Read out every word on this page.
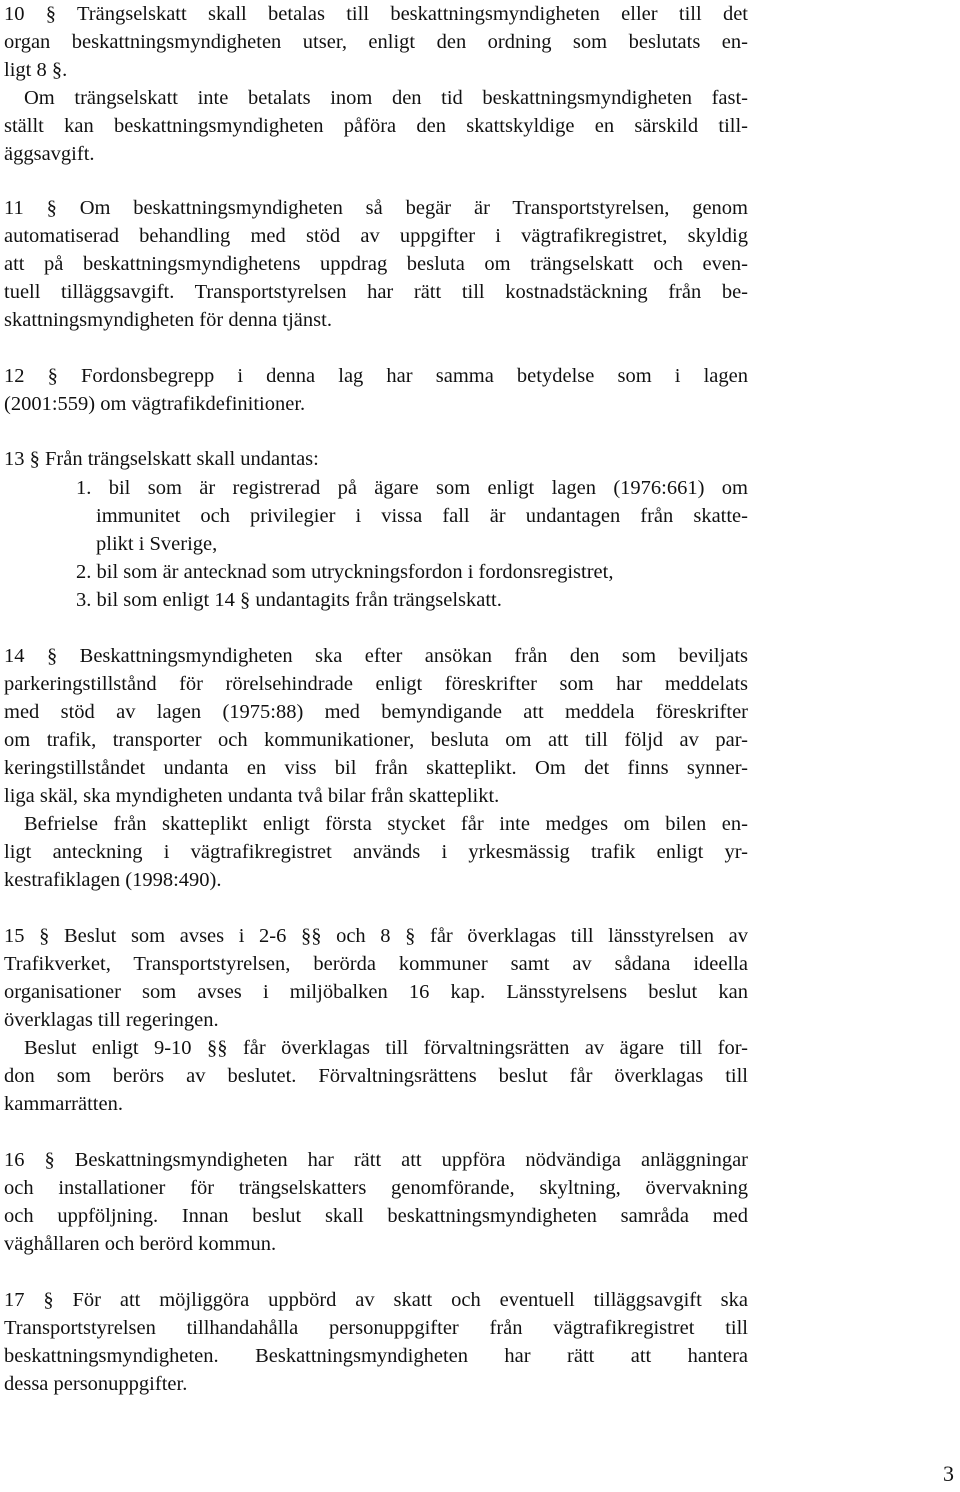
10 § Trängselskatt skall betalas till beskattningsmyndigheten eller till det
organ beskattningsmyndigheten utser, enligt den ordning som beslutats en-
ligt 8 §.
Om trängselskatt inte betalats inom den tid beskattningsmyndigheten fast-
ställt kan beskattningsmyndigheten påföra den skattskyldige en särskild till-
äggsavgift.
11 § Om beskattningsmyndigheten så begär är Transportstyrelsen, genom
automatiserad behandling med stöd av uppgifter i vägtrafikregistret, skyldig
att på beskattningsmyndighetens uppdrag besluta om trängselskatt och even-
tuell tilläggsavgift. Transportstyrelsen har rätt till kostnadstäckning från be-
skattningsmyndigheten för denna tjänst.
12 § Fordonsbegrepp i denna lag har samma betydelse som i lagen
(2001:559) om vägtrafikdefinitioner.
13 § Från trängselskatt skall undantas:
1. bil som är registrerad på ägare som enligt lagen (1976:661) om
immunitet och privilegier i vissa fall är undantagen från skatte-
plikt i Sverige,
2. bil som är antecknad som utryckningsfordon i fordonsregistret,
3. bil som enligt 14 § undantagits från trängselskatt.
14 § Beskattningsmyndigheten ska efter ansökan från den som beviljats
parkeringstillstånd för rörelsehindrade enligt föreskrifter som har meddelats
med stöd av lagen (1975:88) med bemyndigande att meddela föreskrifter
om trafik, transporter och kommunikationer, besluta om att till följd av par-
keringstillståndet undanta en viss bil från skatteplikt. Om det finns synner-
liga skäl, ska myndigheten undanta två bilar från skatteplikt.
Befrielse från skatteplikt enligt första stycket får inte medges om bilen en-
ligt anteckning i vägtrafikregistret används i yrkesmässig trafik enligt yr-
kestrafiklagen (1998:490).
15 § Beslut som avses i 2-6 §§ och 8 § får överklagas till länsstyrelsen av
Trafikverket, Transportstyrelsen, berörda kommuner samt av sådana ideella
organisationer som avses i miljöbalken 16 kap. Länsstyrelsens beslut kan
överklagas till regeringen.
Beslut enligt 9-10 §§ får överklagas till förvaltningsrätten av ägare till for-
don som berörs av beslutet. Förvaltningsrättens beslut får överklagas till
kammarrätten.
16 § Beskattningsmyndigheten har rätt att uppföra nödvändiga anläggningar
och installationer för trängselskatters genomförande, skyltning, övervakning
och uppföljning. Innan beslut skall beskattningsmyndigheten samråda med
väghållaren och berörd kommun.
17 § För att möjliggöra uppbörd av skatt och eventuell tilläggsavgift ska
Transportstyrelsen tillhandahålla personuppgifter från vägtrafikregistret till
beskattningsmyndigheten. Beskattningsmyndigheten har rätt att hantera
dessa personuppgifter.
3
